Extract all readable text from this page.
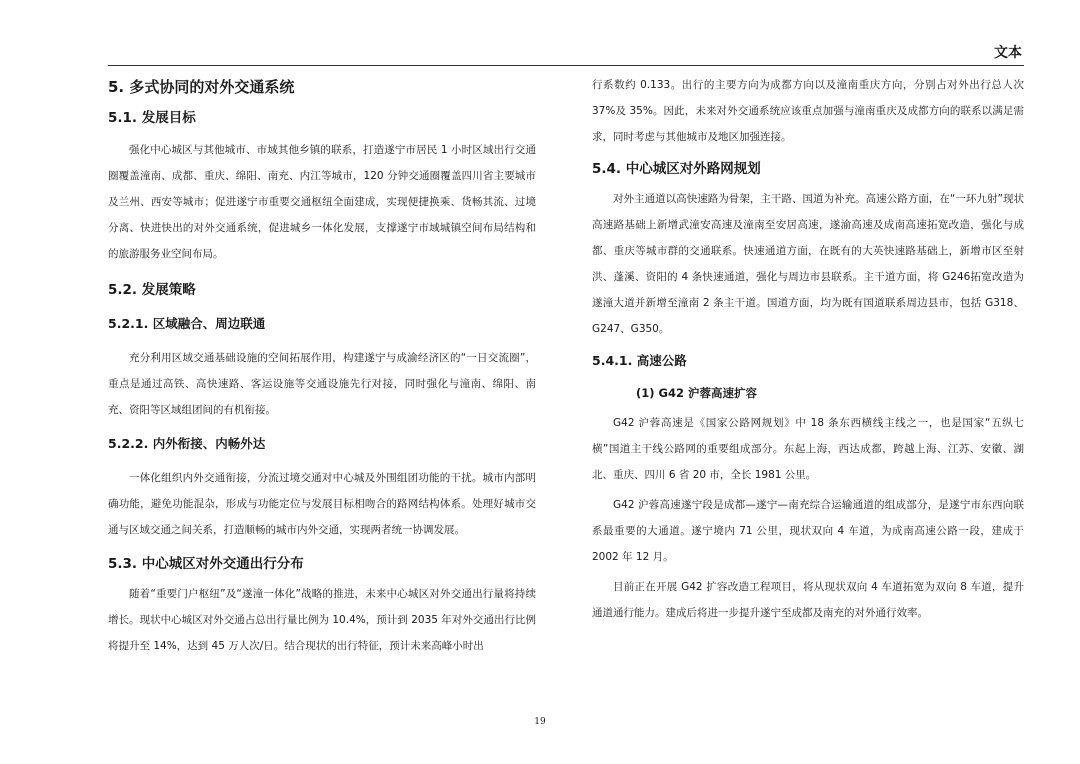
文本
5. 多式协同的对外交通系统
5.1. 发展目标

强化中心城区与其他城市、市域其他乡镇的联系，打造遂宁市居民 1 小时区域出行交通圈覆盖潼南、成都、重庆、绵阳、南充、内江等城市，120 分钟交通圈覆盖四川省主要城市及兰州、西安等城市；促进遂宁市重要交通枢纽全面建成，实现便捷换乘、货畅其流、过境分离、快进快出的对外交通系统，促进城乡一体化发展，支撑遂宁市域城镇空间布局结构和的旅游服务业空间布局。

5.2. 发展策略
5.2.1. 区域融合、周边联通

充分利用区域交通基础设施的空间拓展作用，构建遂宁与成渝经济区的“一日交流圈”，重点是通过高铁、高快速路、客运设施等交通设施先行对接，同时强化与潼南、绵阳、南充、资阳等区域组团间的有机衔接。

5.2.2. 内外衔接、内畅外达

一体化组织内外交通衔接，分流过境交通对中心城及外围组团功能的干扰。城市内部明确功能，避免功能混杂，形成与功能定位与发展目标相吻合的路网结构体系。处理好城市交通与区域交通之间关系，打造顺畅的城市内外交通，实现两者统一协调发展。

5.3. 中心城区对外交通出行分布

随着“重要门户枢纽”及“遂潼一体化”战略的推进，未来中心城区对外交通出行量将持续增长。现状中心城区对外交通占总出行量比例为 10.4%，预计到 2035 年对外交通出行比例将提升至 14%，达到 45 万人次/日。结合现状的出行特征，预计未来高峰小时出

行系数约 0.133。出行的主要方向为成都方向以及潼南重庆方向，分别占对外出行总人次37%及 35%。因此，未来对外交通系统应该重点加强与潼南重庆及成都方向的联系以满足需求，同时考虑与其他城市及地区加强连接。

5.4. 中心城区对外路网规划

对外主通道以高快速路为骨架，主干路、国道为补充。高速公路方面，在“一环九射”现状高速路基础上新增武潼安高速及潼南至安居高速，遂渝高速及成南高速拓宽改造，强化与成都、重庆等城市群的交通联系。快速通道方面，在既有的大英快速路基础上，新增市区至射洪、蓬溪、资阳的 4 条快速通道，强化与周边市县联系。主干道方面，将 G246拓宽改造为遂潼大道并新增至潼南 2 条主干道。国道方面，均为既有国道联系周边县市，包括 G318、G247、G350。

5.4.1. 高速公路
(1) G42 沪蓉高速扩容

G42 沪蓉高速是《国家公路网规划》中 18 条东西横线主线之一，也是国家“五纵七横”国道主干线公路网的重要组成部分。东起上海，西达成都，跨越上海、江苏、安徽、湖北、重庆、四川 6 省 20 市，全长 1981 公里。

G42 沪蓉高速遂宁段是成都—遂宁—南充综合运输通道的组成部分，是遂宁市东西向联系最重要的大通道。遂宁境内 71 公里，现状双向 4 车道，为成南高速公路一段，建成于 2002 年 12 月。

目前正在开展 G42 扩容改造工程项目，将从现状双向 4 车道拓宽为双向 8 车道，提升通道通行能力。建成后将进一步提升遂宁至成都及南充的对外通行效率。

19
